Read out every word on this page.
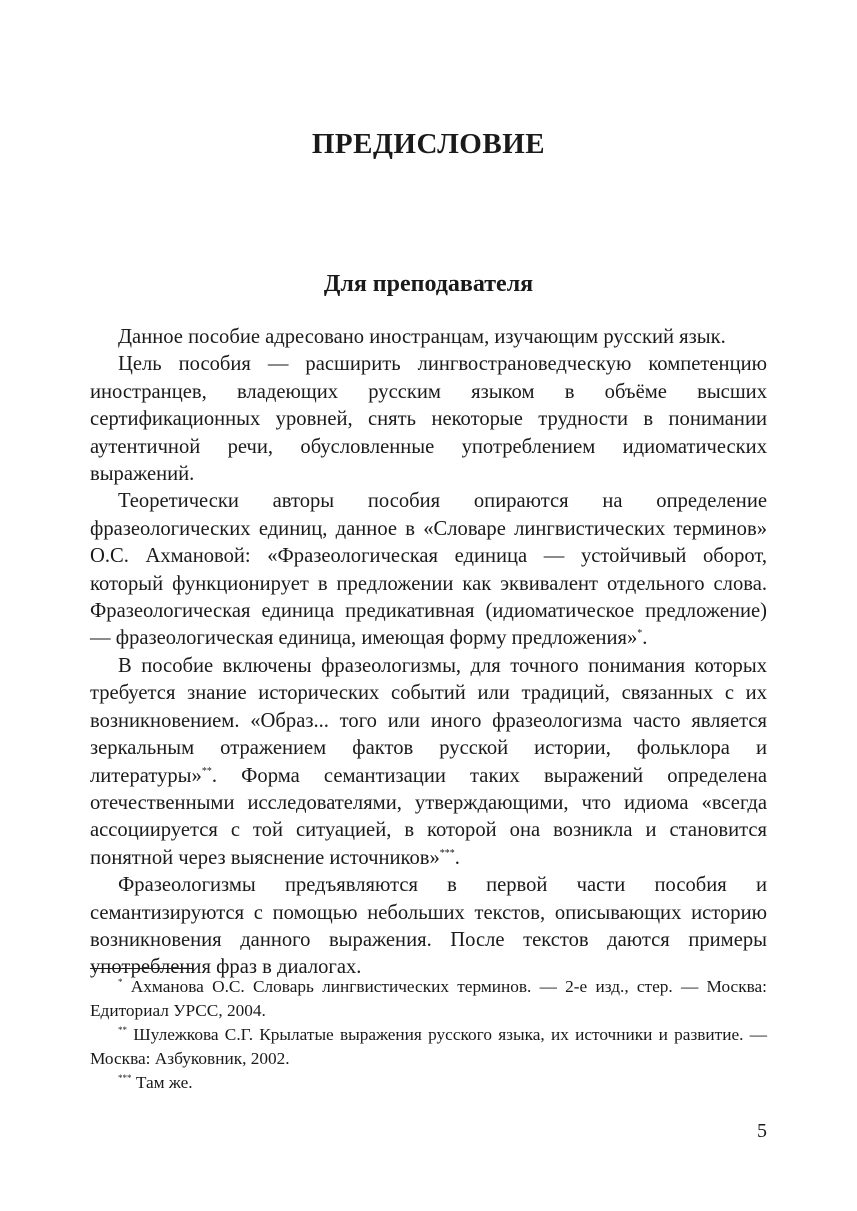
ПРЕДИСЛОВИЕ
Для преподавателя

Данное пособие адресовано иностранцам, изучающим русский язык.

Цель пособия — расширить лингвострановедческую компетенцию иностранцев, владеющих русским языком в объёме высших сертификационных уровней, снять некоторые трудности в понимании аутентичной речи, обусловленные употреблением идиоматических выражений.

Теоретически авторы пособия опираются на определение фразеологических единиц, данное в «Словаре лингвистических терминов» О.С. Ахмановой: «Фразеологическая единица — устойчивый оборот, который функционирует в предложении как эквивалент отдельного слова. Фразеологическая единица предикативная (идиоматическое предложение) — фразеологическая единица, имеющая форму предложения»*.

В пособие включены фразеологизмы, для точного понимания которых требуется знание исторических событий или традиций, связанных с их возникновением. «Образ... того или иного фразеологизма часто является зеркальным отражением фактов русской истории, фольклора и литературы»**. Форма семантизации таких выражений определена отечественными исследователями, утверждающими, что идиома «всегда ассоциируется с той ситуацией, в которой она возникла и становится понятной через выяснение источников»***.

Фразеологизмы предъявляются в первой части пособия и семантизируются с помощью небольших текстов, описывающих историю возникновения данного выражения. После текстов даются примеры употребления фраз в диалогах.

* Ахманова О.С. Словарь лингвистических терминов. — 2-е изд., стер. — Москва: Едиториал УРСС, 2004.

** Шулежкова С.Г. Крылатые выражения русского языка, их источники и развитие. — Москва: Азбуковник, 2002.

*** Там же.

5
